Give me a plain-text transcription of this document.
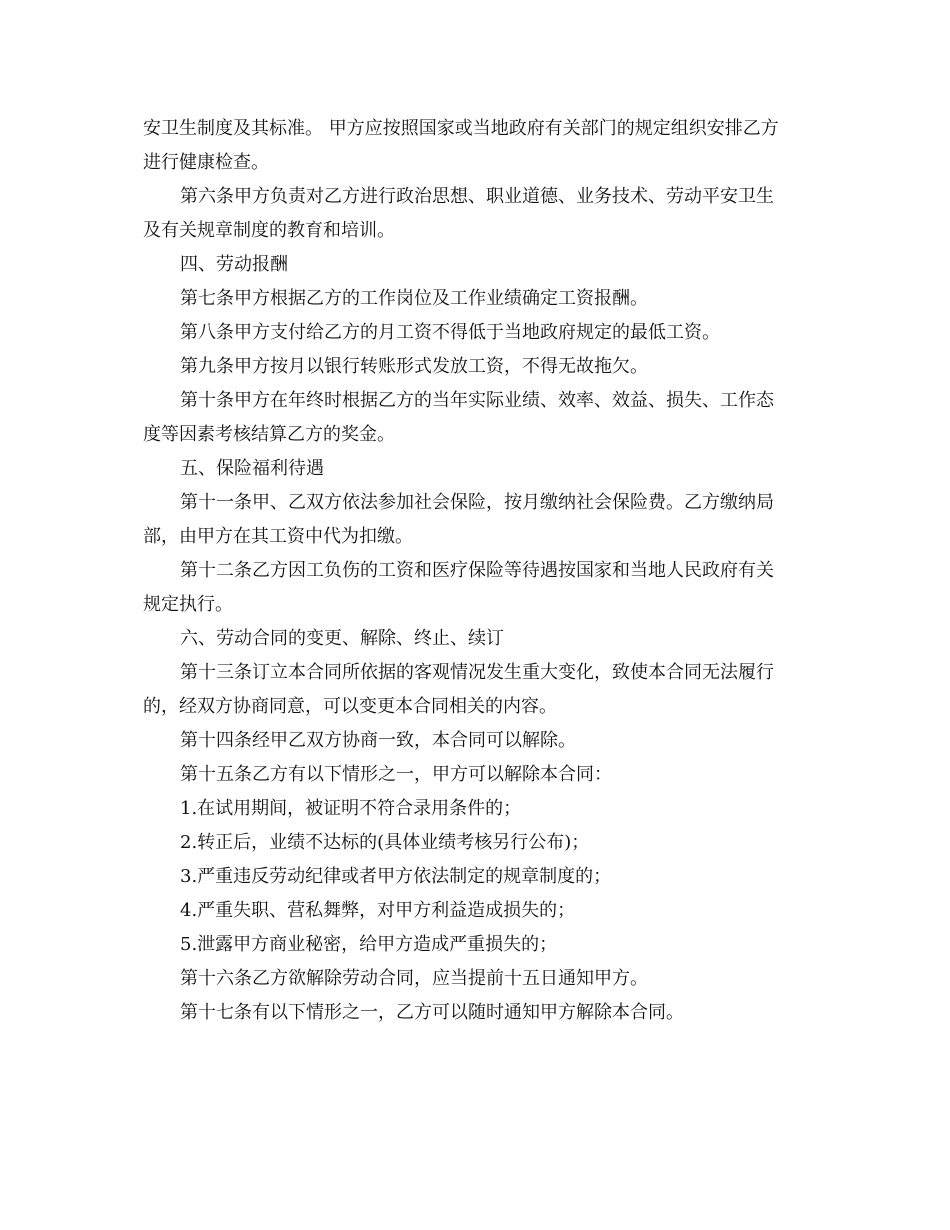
安卫生制度及其标准。 甲方应按照国家或当地政府有关部门的规定组织安排乙方
进行健康检查。

第六条甲方负责对乙方进行政治思想、职业道德、业务技术、劳动平安卫生
及有关规章制度的教育和培训。

四、劳动报酬

第七条甲方根据乙方的工作岗位及工作业绩确定工资报酬。

第八条甲方支付给乙方的月工资不得低于当地政府规定的最低工资。

第九条甲方按月以银行转账形式发放工资，不得无故拖欠。

第十条甲方在年终时根据乙方的当年实际业绩、效率、效益、损失、工作态
度等因素考核结算乙方的奖金。

五、保险福利待遇

第十一条甲、乙双方依法参加社会保险，按月缴纳社会保险费。乙方缴纳局
部，由甲方在其工资中代为扣缴。

第十二条乙方因工负伤的工资和医疗保险等待遇按国家和当地人民政府有关
规定执行。

六、劳动合同的变更、解除、终止、续订

第十三条订立本合同所依据的客观情况发生重大变化，致使本合同无法履行
的，经双方协商同意，可以变更本合同相关的内容。

第十四条经甲乙双方协商一致，本合同可以解除。

第十五条乙方有以下情形之一，甲方可以解除本合同：

1.在试用期间，被证明不符合录用条件的；

2.转正后，业绩不达标的(具体业绩考核另行公布)；

3.严重违反劳动纪律或者甲方依法制定的规章制度的；

4.严重失职、营私舞弊，对甲方利益造成损失的；

5.泄露甲方商业秘密，给甲方造成严重损失的；

第十六条乙方欲解除劳动合同，应当提前十五日通知甲方。

第十七条有以下情形之一，乙方可以随时通知甲方解除本合同。
